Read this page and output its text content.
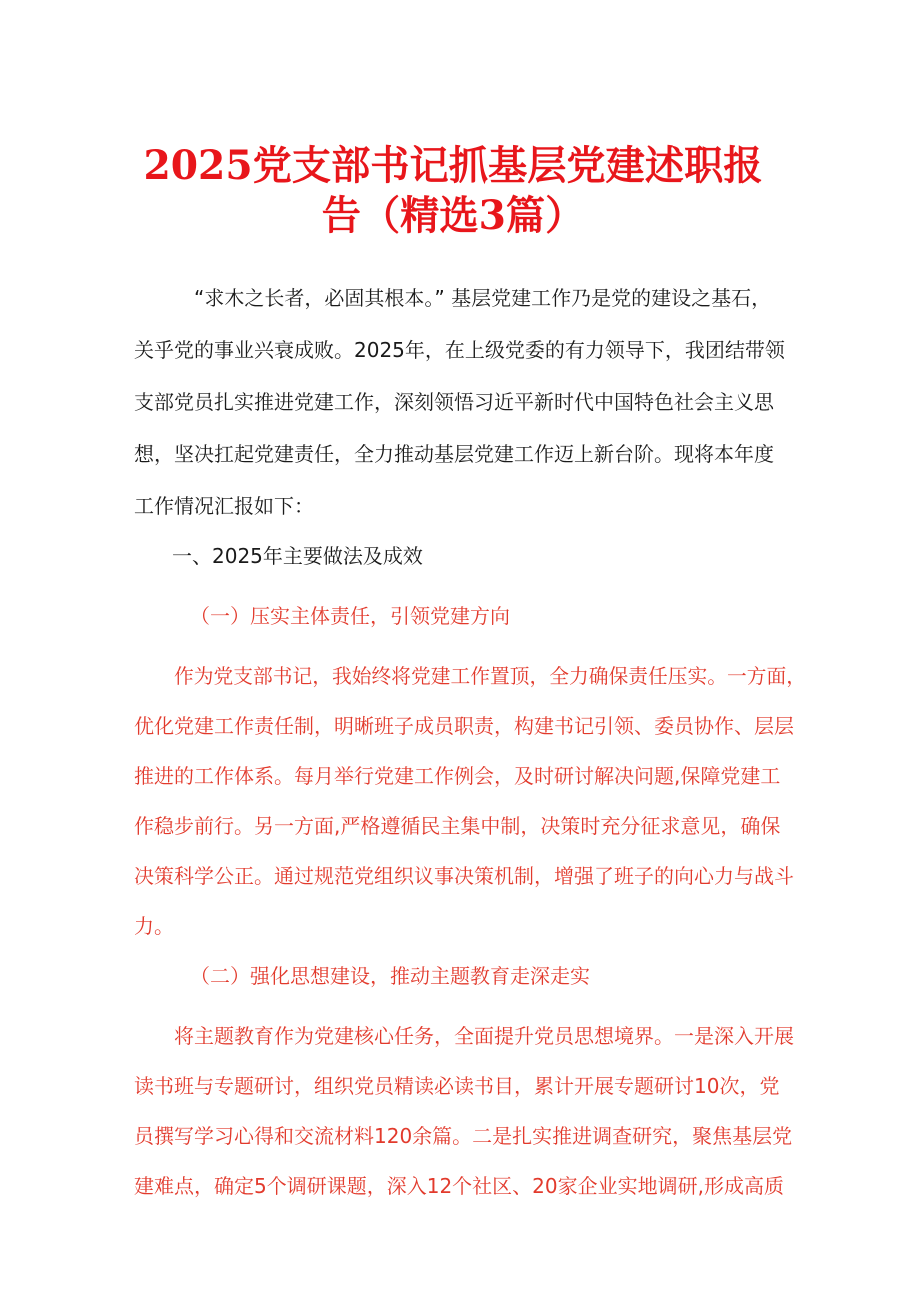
2025党支部书记抓基层党建述职报
告（精选3篇）
“求木之长者，必固其根本。” 基层党建工作乃是党的建设之基石，
关乎党的事业兴衰成败。2025年，在上级党委的有力领导下，我团结带领
支部党员扎实推进党建工作，深刻领悟习近平新时代中国特色社会主义思
想，坚决扛起党建责任，全力推动基层党建工作迈上新台阶。现将本年度
工作情况汇报如下：
一、2025年主要做法及成效
（一）压实主体责任，引领党建方向
作为党支部书记，我始终将党建工作置顶，全力确保责任压实。一方面，
优化党建工作责任制，明晰班子成员职责，构建书记引领、委员协作、层层
推进的工作体系。每月举行党建工作例会，及时研讨解决问题,保障党建工
作稳步前行。另一方面,严格遵循民主集中制，决策时充分征求意见，确保
决策科学公正。通过规范党组织议事决策机制，增强了班子的向心力与战斗
力。
（二）强化思想建设，推动主题教育走深走实
将主题教育作为党建核心任务，全面提升党员思想境界。一是深入开展
读书班与专题研讨，组织党员精读必读书目，累计开展专题研讨10次，党
员撰写学习心得和交流材料120余篇。二是扎实推进调查研究，聚焦基层党
建难点，确定5个调研课题，深入12个社区、20家企业实地调研,形成高质
